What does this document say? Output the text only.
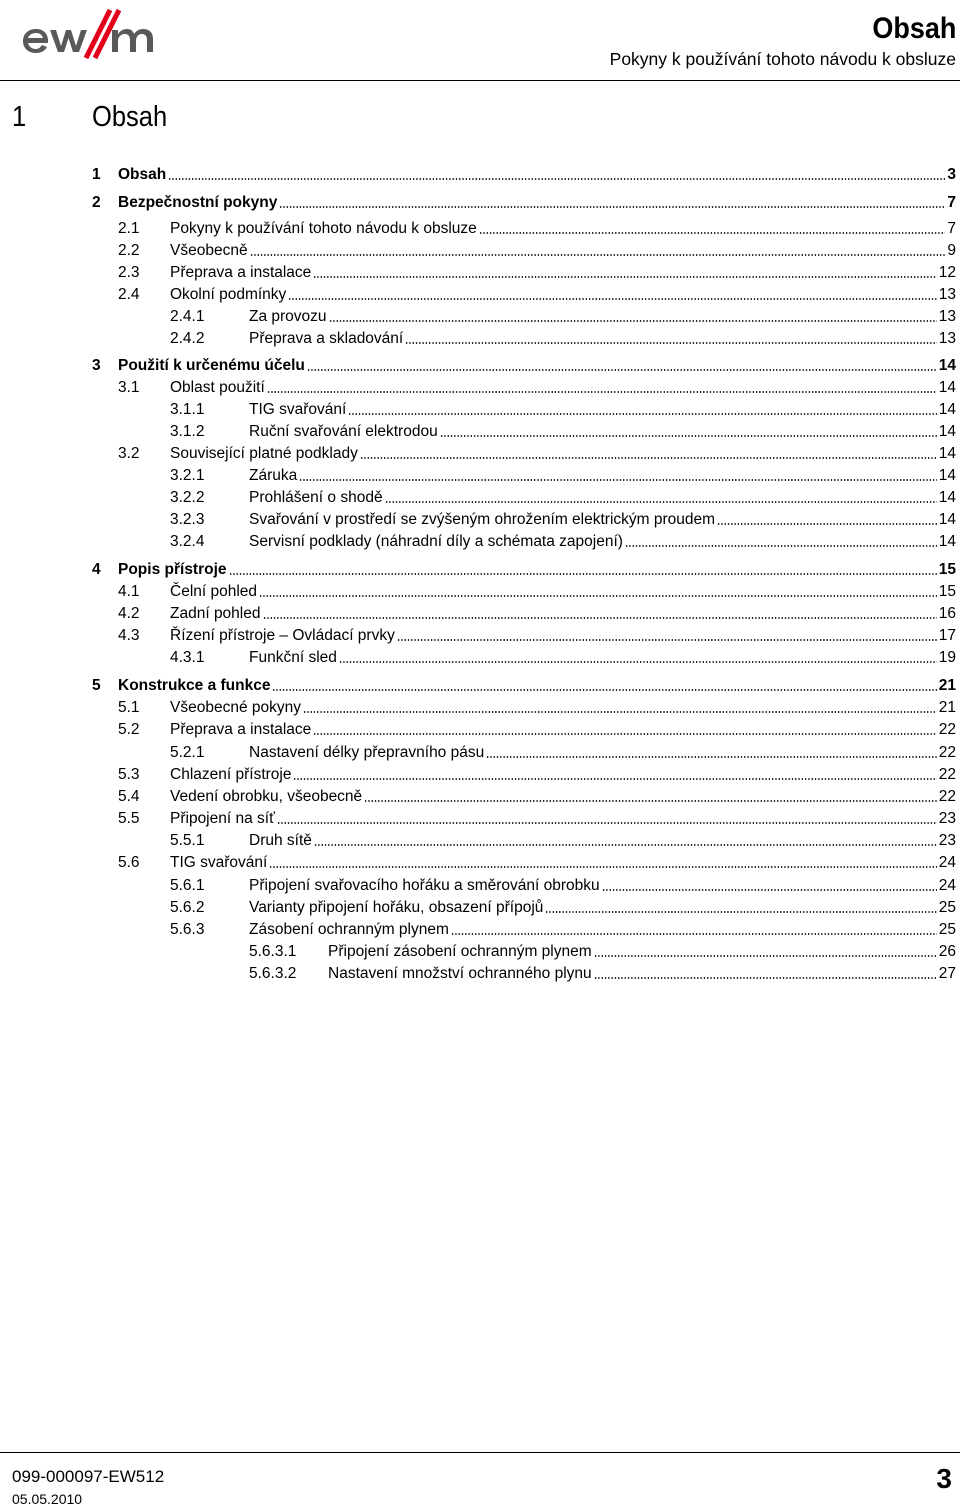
Obsah
Pokyny k používání tohoto návodu k obsluze
1 Obsah
1 Obsah	3
2 Bezpečnostní pokyny	7
2.1 Pokyny k používání tohoto návodu k obsluze	7
2.2 Všeobecně	9
2.3 Přeprava a instalace	12
2.4 Okolní podmínky	13
2.4.1	Za provozu	13
2.4.2	Přeprava a skladování	13
3 Použití k určenému účelu	14
3.1 Oblast použití	14
3.1.1	TIG svařování	14
3.1.2	Ruční svařování elektrodou	14
3.2 Související platné podklady	14
3.2.1	Záruka	14
3.2.2	Prohlášení o shodě	14
3.2.3	Svařování v prostředí se zvýšeným ohrožením elektrickým proudem	14
3.2.4	Servisní podklady (náhradní díly a schémata zapojení)	14
4 Popis přístroje	15
4.1 Čelní pohled	15
4.2 Zadní pohled	16
4.3 Řízení přístroje – Ovládací prvky	17
4.3.1	Funkční sled	19
5 Konstrukce a funkce	21
5.1 Všeobecné pokyny	21
5.2 Přeprava a instalace	22
5.2.1	Nastavení délky přepravního pásu	22
5.3 Chlazení přístroje	22
5.4 Vedení obrobku, všeobecně	22
5.5 Připojení na síť	23
5.5.1	Druh sítě	23
5.6 TIG svařování	24
5.6.1	Připojení svařovacího hořáku a směrování obrobku	24
5.6.2	Varianty připojení hořáku, obsazení přípojů	25
5.6.3	Zásobení ochranným plynem	25
5.6.3.1 Připojení zásobení ochranným plynem	26
5.6.3.2 Nastavení množství ochranného plynu	27
099-000097-EW512
05.05.2010
3
